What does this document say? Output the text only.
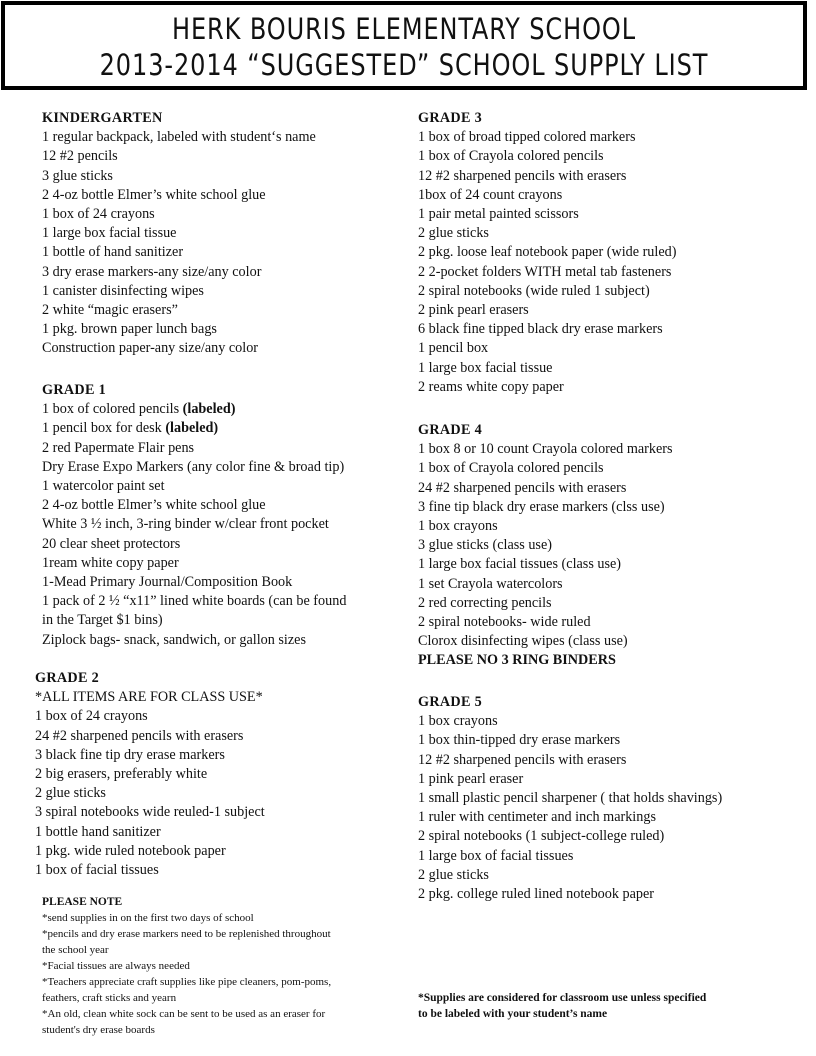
HERK BOURIS ELEMENTARY SCHOOL
2013-2014 “SUGGESTED” SCHOOL SUPPLY LIST
KINDERGARTEN
1 regular backpack, labeled with student‘s name
12 #2 pencils
3 glue sticks
2 4-oz bottle Elmer’s white school glue
1 box of 24 crayons
1 large box facial tissue
1 bottle of hand sanitizer
3 dry erase markers-any size/any color
1 canister disinfecting wipes
2 white “magic erasers”
1 pkg. brown paper lunch bags
Construction paper-any size/any color
GRADE 1
1 box of colored pencils (labeled)
1 pencil box for desk (labeled)
2 red Papermate Flair pens
Dry Erase Expo Markers (any color fine & broad tip)
1 watercolor paint set
2 4-oz bottle Elmer’s white school glue
White 3 ½ inch, 3-ring binder w/clear front pocket
20 clear sheet protectors
1ream white copy paper
1-Mead Primary Journal/Composition Book
1 pack of 2 ½ “x11” lined white boards (can be found
in the Target $1 bins)
Ziplock bags- snack, sandwich, or gallon sizes
GRADE 2
*ALL ITEMS ARE FOR CLASS USE*
1 box of 24 crayons
24 #2 sharpened pencils with erasers
3 black fine tip dry erase markers
2 big erasers, preferably white
2 glue sticks
3 spiral notebooks wide reuled-1 subject
1 bottle hand sanitizer
1 pkg. wide ruled notebook paper
1 box of facial tissues
GRADE 3
1 box of broad tipped colored markers
1 box of Crayola colored pencils
12 #2 sharpened pencils with erasers
1box of 24 count crayons
1 pair metal painted scissors
2 glue sticks
2 pkg. loose leaf notebook paper (wide ruled)
2 2-pocket folders WITH metal tab fasteners
2 spiral notebooks (wide ruled 1 subject)
2 pink pearl erasers
6 black fine tipped black dry erase markers
1 pencil box
1 large box facial tissue
2 reams white copy paper
GRADE 4
1 box 8 or 10 count Crayola colored markers
1 box of Crayola colored pencils
24 #2 sharpened pencils with erasers
3 fine tip black dry erase markers (clss use)
1 box crayons
3 glue sticks (class use)
1 large box facial tissues (class use)
1 set Crayola watercolors
2 red correcting pencils
2 spiral notebooks- wide ruled
Clorox disinfecting wipes (class use)
PLEASE NO 3 RING BINDERS
GRADE 5
1 box crayons
1 box thin-tipped dry erase markers
12 #2 sharpened pencils with erasers
1 pink pearl eraser
1 small plastic pencil sharpener ( that holds shavings)
1 ruler with centimeter and inch markings
2 spiral notebooks (1 subject-college ruled)
1 large box of facial tissues
2 glue sticks
2 pkg. college ruled lined notebook paper
PLEASE NOTE
*send supplies in on the first two days of school
*pencils and dry erase markers need to be replenished throughout
the school year
*Facial tissues are always needed
*Teachers appreciate craft supplies like pipe cleaners, pom-poms,
feathers, craft sticks and yearn
*An old, clean white sock can be sent to be used as an eraser for
student's dry erase boards
*Supplies are considered for classroom use unless specified
to be labeled with your student’s name
